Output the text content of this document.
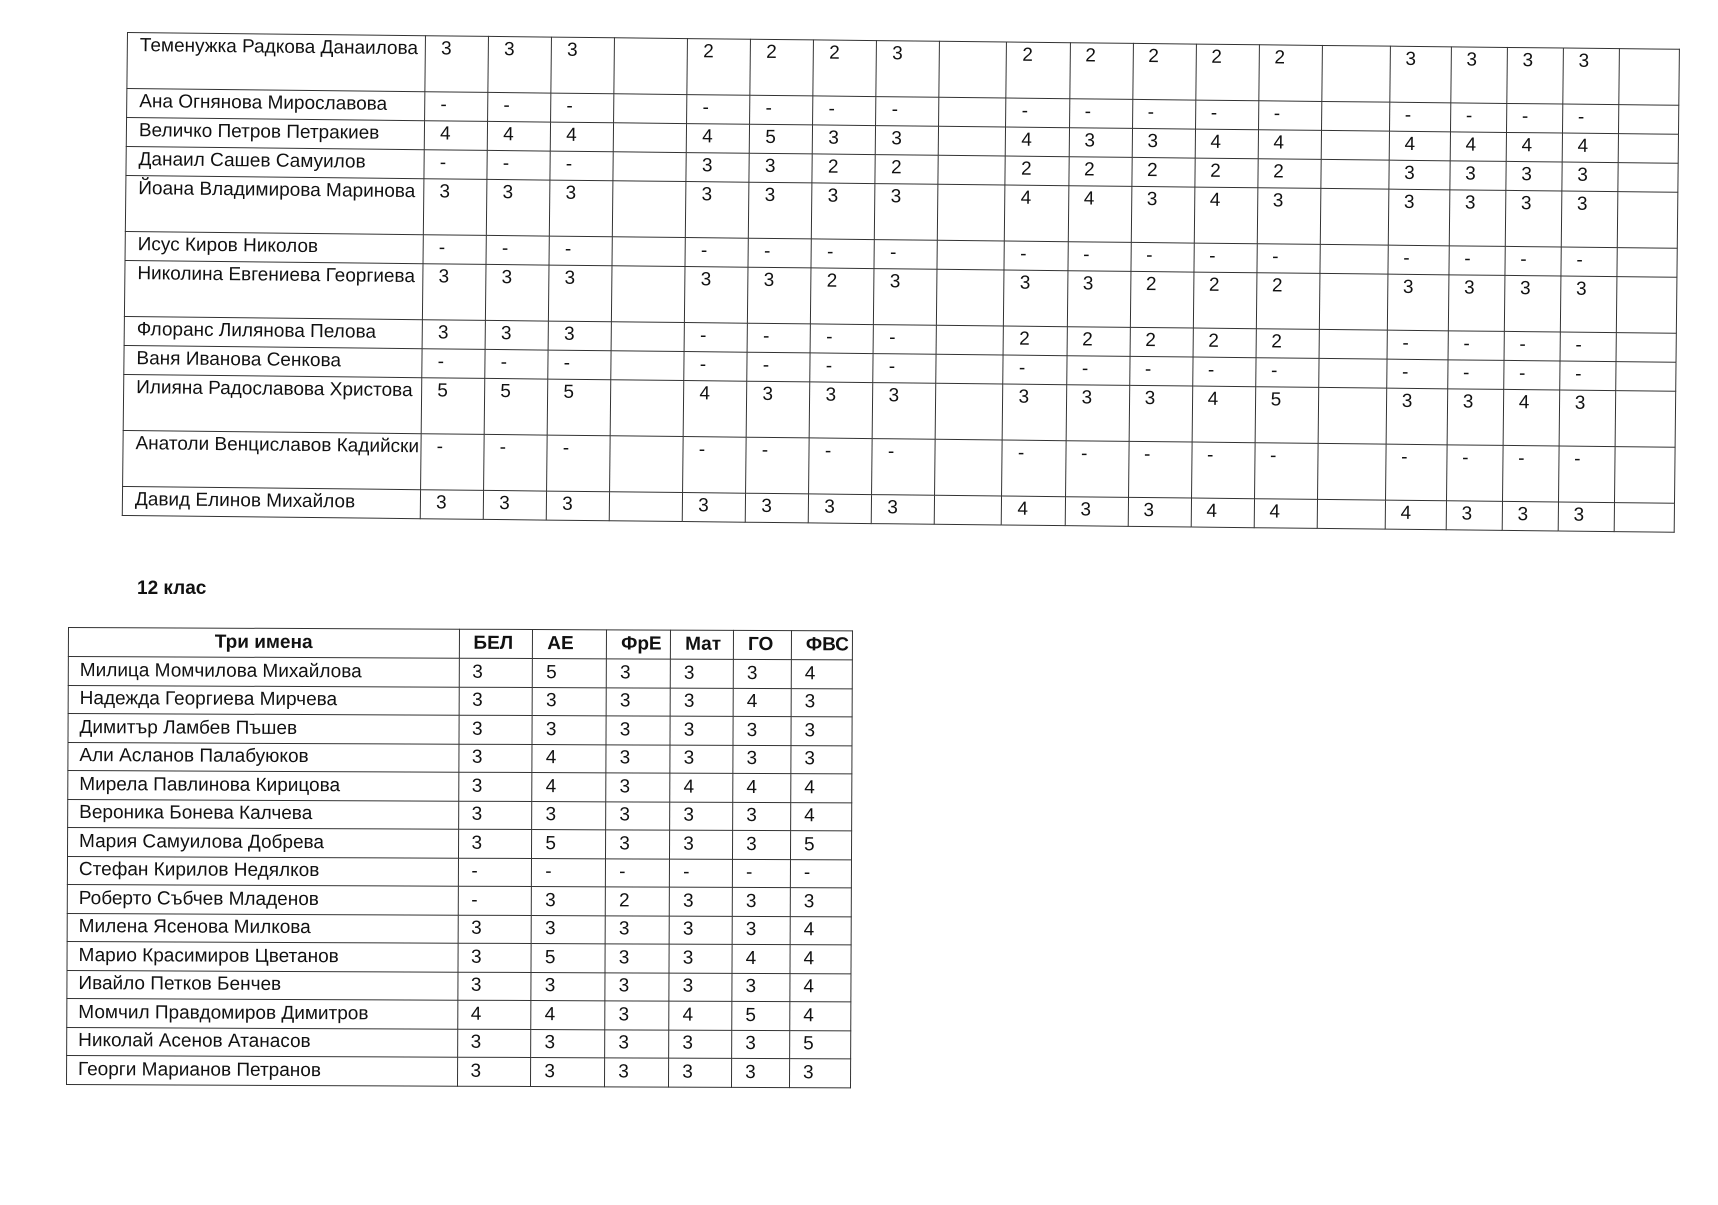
Теменужка Радкова Данаилова	3	3	3		2	2	2	3		2	2	2	2	2		3	3	3	3	
Ана Огнянова Мирославова	-	-	-		-	-	-	-		-	-	-	-	-		-	-	-	-	
Величко Петров Петракиев	4	4	4		4	5	3	3		4	3	3	4	4		4	4	4	4	
Данаил Сашев Самуилов	-	-	-		3	3	2	2		2	2	2	2	2		3	3	3	3	
Йоана Владимирова Маринова	3	3	3		3	3	3	3		4	4	3	4	3		3	3	3	3	
Исус Киров Николов	-	-	-		-	-	-	-		-	-	-	-	-		-	-	-	-	
Николина Евгениева Георгиева	3	3	3		3	3	2	3		3	3	2	2	2		3	3	3	3	
Флоранс Лилянова Пелова	3	3	3		-	-	-	-		2	2	2	2	2		-	-	-	-	
Ваня Иванова Сенкова	-	-	-		-	-	-	-		-	-	-	-	-		-	-	-	-	
Илияна Радославова Христова	5	5	5		4	3	3	3		3	3	3	4	5		3	3	4	3	
Анатоли Венциславов Кадийски	-	-	-		-	-	-	-		-	-	-	-	-		-	-	-	-	
Давид Елинов Михайлов	3	3	3		3	3	3	3		4	3	3	4	4		4	3	3	3	
12 клас
Три имена	БЕЛ	АЕ	ФрЕ	Мат	ГО	ФВС
Милица Момчилова Михайлова	3	5	3	3	3	4
Надежда Георгиева Мирчева	3	3	3	3	4	3
Димитър Ламбев Пъшев	3	3	3	3	3	3
Али Асланов Палабуюков	3	4	3	3	3	3
Мирела Павлинова Кирицова	3	4	3	4	4	4
Вероника Бонева Калчева	3	3	3	3	3	4
Мария Самуилова Добрева	3	5	3	3	3	5
Стефан Кирилов Недялков	-	-	-	-	-	-
Роберто Събчев Младенов	-	3	2	3	3	3
Милена Ясенова Милкова	3	3	3	3	3	4
Марио Красимиров Цветанов	3	5	3	3	4	4
Ивайло Петков Бенчев	3	3	3	3	3	4
Момчил Правдомиров Димитров	4	4	3	4	5	4
Николай Асенов Атанасов	3	3	3	3	3	5
Георги Марианов Петранов	3	3	3	3	3	3
